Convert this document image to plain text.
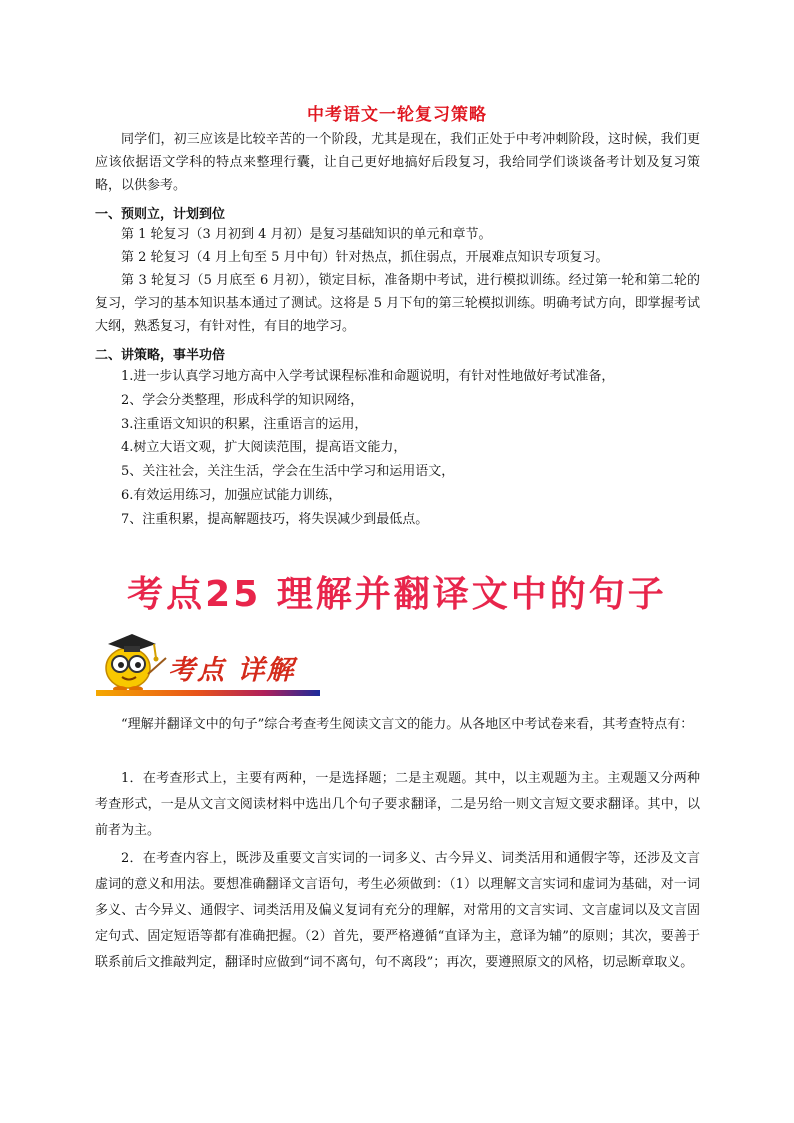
中考语文一轮复习策略
同学们，初三应该是比较辛苦的一个阶段，尤其是现在，我们正处于中考冲刺阶段，这时候，我们更应该依据语文学科的特点来整理行囊，让自己更好地搞好后段复习，我给同学们谈谈备考计划及复习策略，以供参考。
一、预则立，计划到位
第 1 轮复习（3 月初到 4 月初）是复习基础知识的单元和章节。
第 2 轮复习（4 月上旬至 5 月中旬）针对热点，抓住弱点，开展难点知识专项复习。
第 3 轮复习（5 月底至 6 月初），锁定目标，准备期中考试，进行模拟训练。经过第一轮和第二轮的复习，学习的基本知识基本通过了测试。这将是 5 月下旬的第三轮模拟训练。明确考试方向，即掌握考试大纲，熟悉复习，有针对性，有目的地学习。
二、讲策略，事半功倍
1.进一步认真学习地方高中入学考试课程标准和命题说明，有针对性地做好考试准备，
2、学会分类整理，形成科学的知识网络，
3.注重语文知识的积累，注重语言的运用，
4.树立大语文观，扩大阅读范围，提高语文能力，
5、关注社会，关注生活，学会在生活中学习和运用语文，
6.有效运用练习，加强应试能力训练，
7、注重积累，提高解题技巧，将失误减少到最低点。
考点25 理解并翻译文中的句子
考点 详解
“理解并翻译文中的句子”综合考查考生阅读文言文的能力。从各地区中考试卷来看，其考查特点有：
1．在考查形式上，主要有两种，一是选择题；二是主观题。其中，以主观题为主。主观题又分两种考查形式，一是从文言文阅读材料中选出几个句子要求翻译，二是另给一则文言短文要求翻译。其中，以前者为主。
2．在考查内容上，既涉及重要文言实词的一词多义、古今异义、词类活用和通假字等，还涉及文言虚词的意义和用法。要想准确翻译文言语句，考生必须做到：（1）以理解文言实词和虚词为基础，对一词多义、古今异义、通假字、词类活用及偏义复词有充分的理解，对常用的文言实词、文言虚词以及文言固定句式、固定短语等都有准确把握。（2）首先，要严格遵循“直译为主，意译为辅”的原则；其次，要善于联系前后文推敲判定，翻译时应做到“词不离句，句不离段”；再次，要遵照原文的风格，切忌断章取义。
